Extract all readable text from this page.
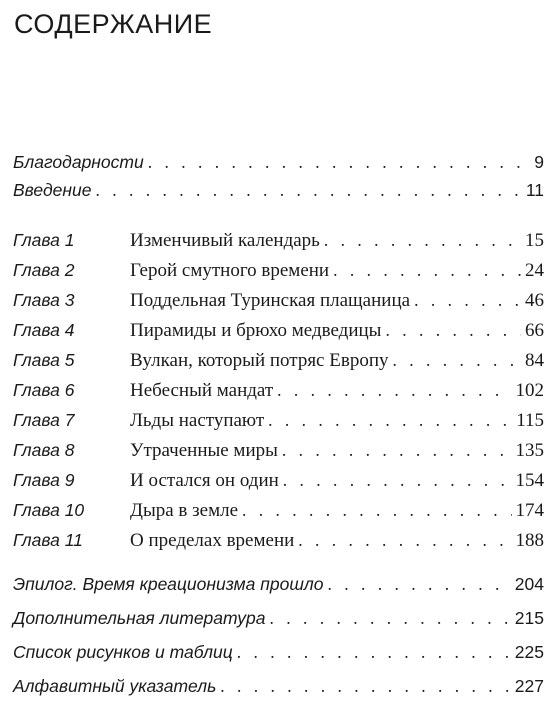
СОДЕРЖАНИЕ
Благодарности . . .	9
Введение . . .	11
Глава 1	Изменчивый календарь . . .	15
Глава 2	Герой смутного времени . . .	24
Глава 3	Поддельная Туринская плащаница . . .	46
Глава 4	Пирамиды и брюхо медведицы . . .	66
Глава 5	Вулкан, который потряс Европу . . .	84
Глава 6	Небесный мандат . . .	102
Глава 7	Льды наступают . . .	115
Глава 8	Утраченные миры . . .	135
Глава 9	И остался он один . . .	154
Глава 10	Дыра в земле . . .	174
Глава 11	О пределах времени . . .	188
Эпилог. Время креационизма прошло . . .	204
Дополнительная литература . . .	215
Список рисунков и таблиц . . .	225
Алфавитный указатель . . .	227
